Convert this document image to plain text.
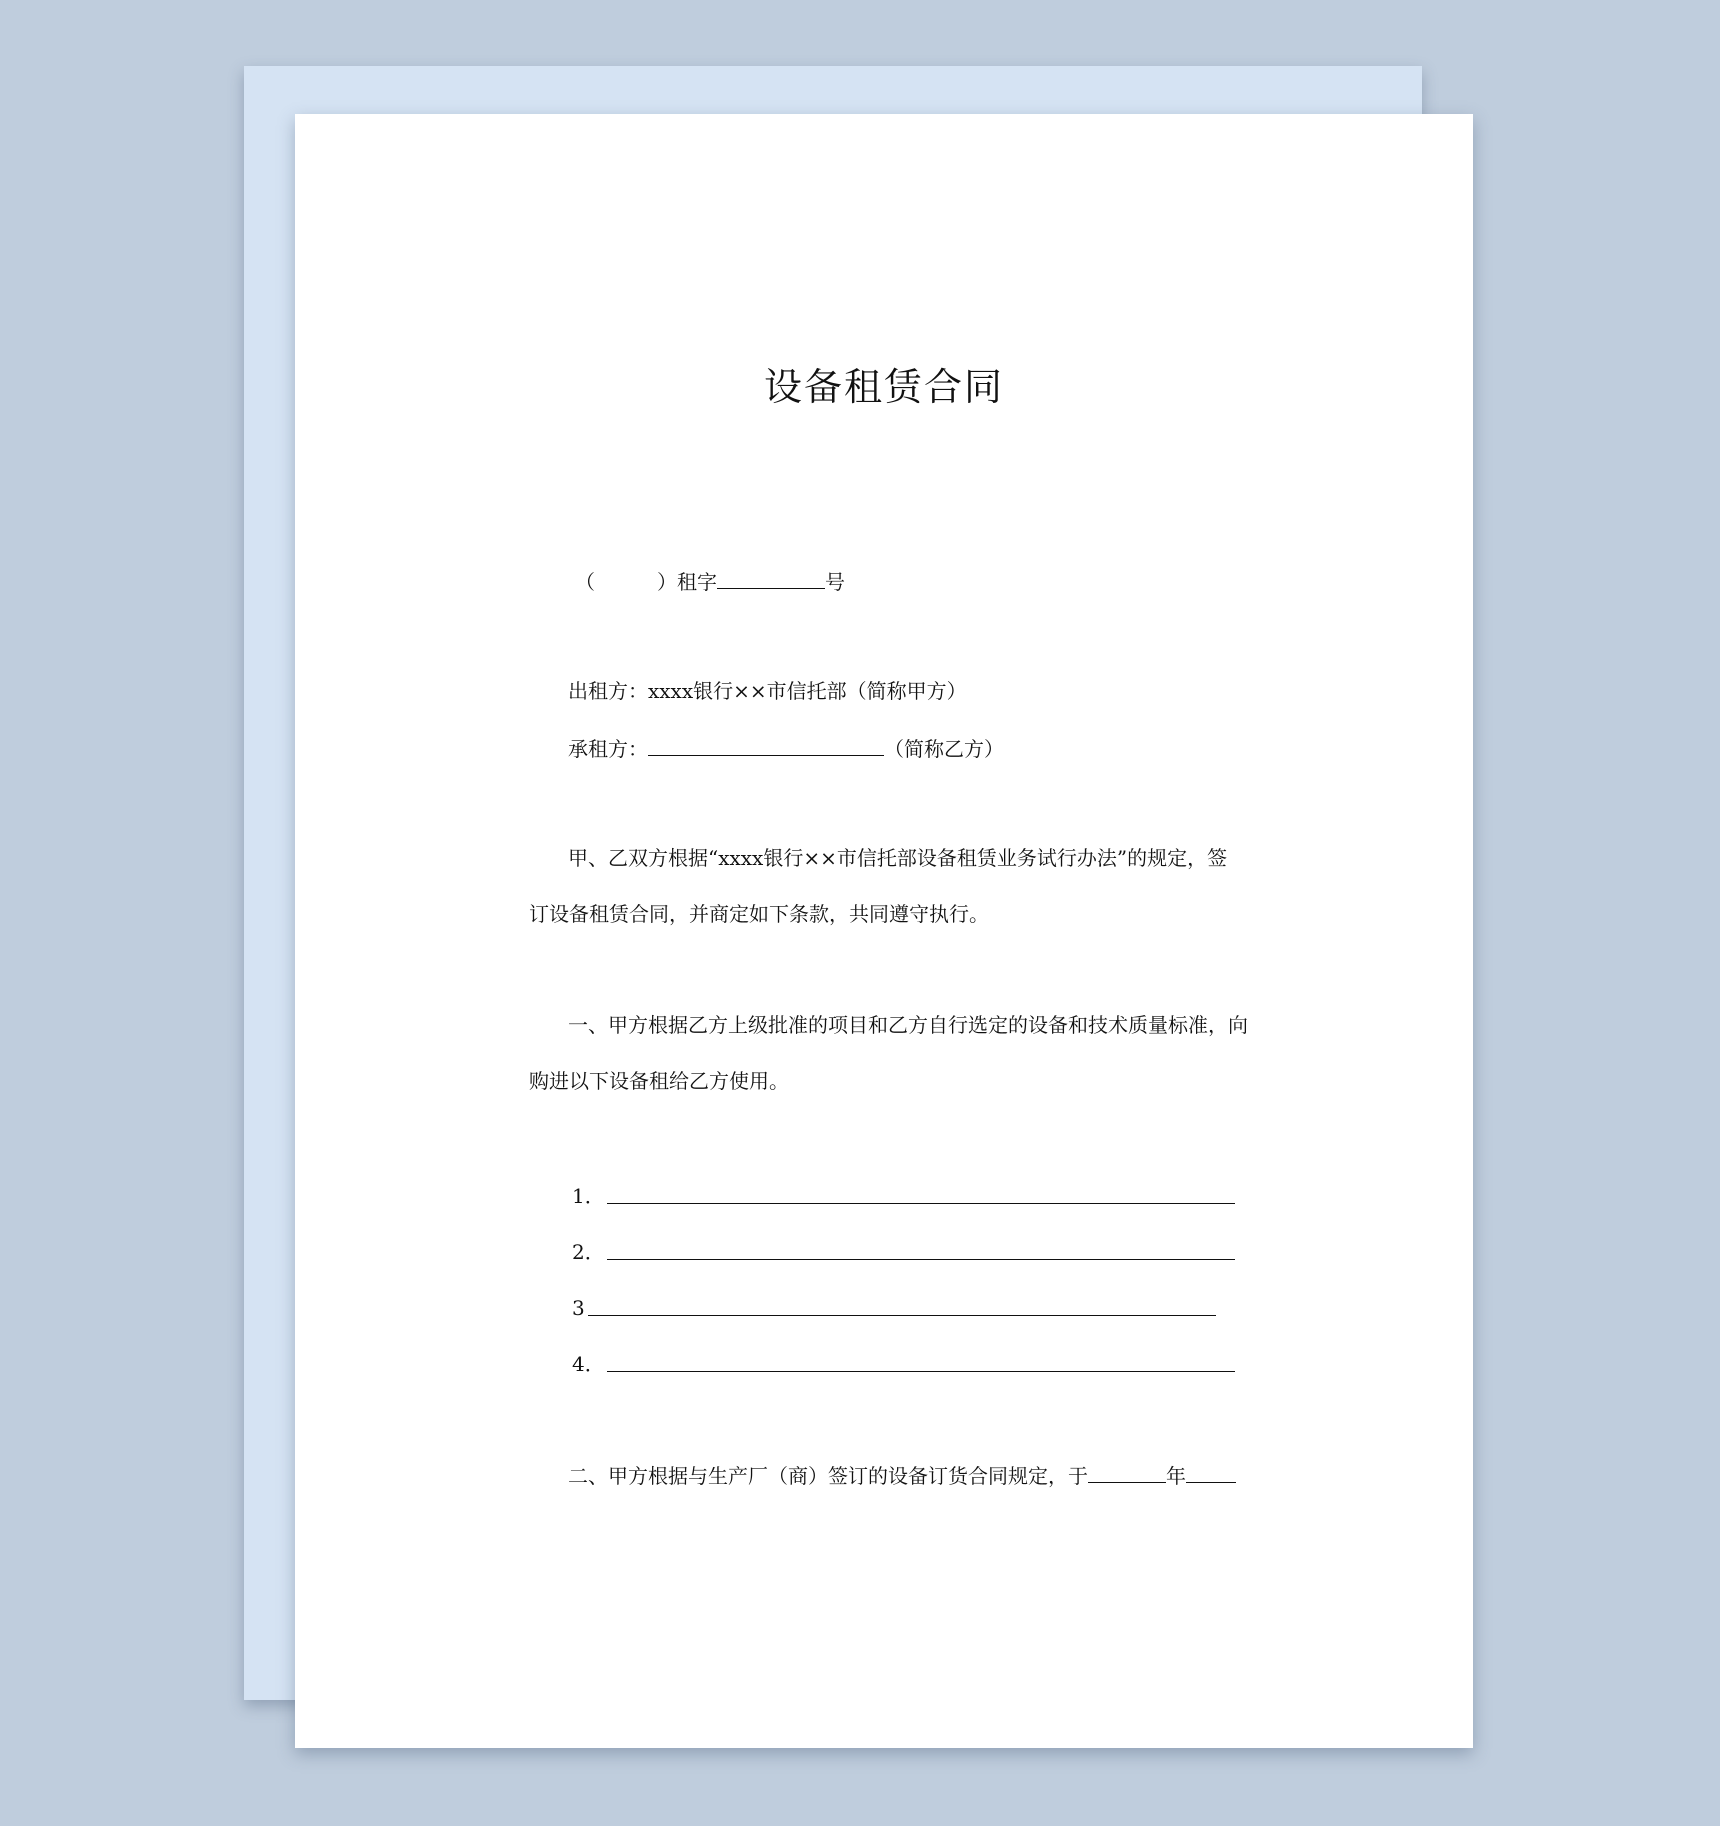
设备租赁合同
（	）租字	号
出租方：xxxx银行××市信托部（简称甲方）
承租方：	（简称乙方）
甲、乙双方根据“xxxx银行××市信托部设备租赁业务试行办法”的规定，签
订设备租赁合同，并商定如下条款，共同遵守执行。
一、甲方根据乙方上级批准的项目和乙方自行选定的设备和技术质量标准，向
购进以下设备租给乙方使用。
1．
2．
3
4．
二、甲方根据与生产厂（商）签订的设备订货合同规定，于	年
